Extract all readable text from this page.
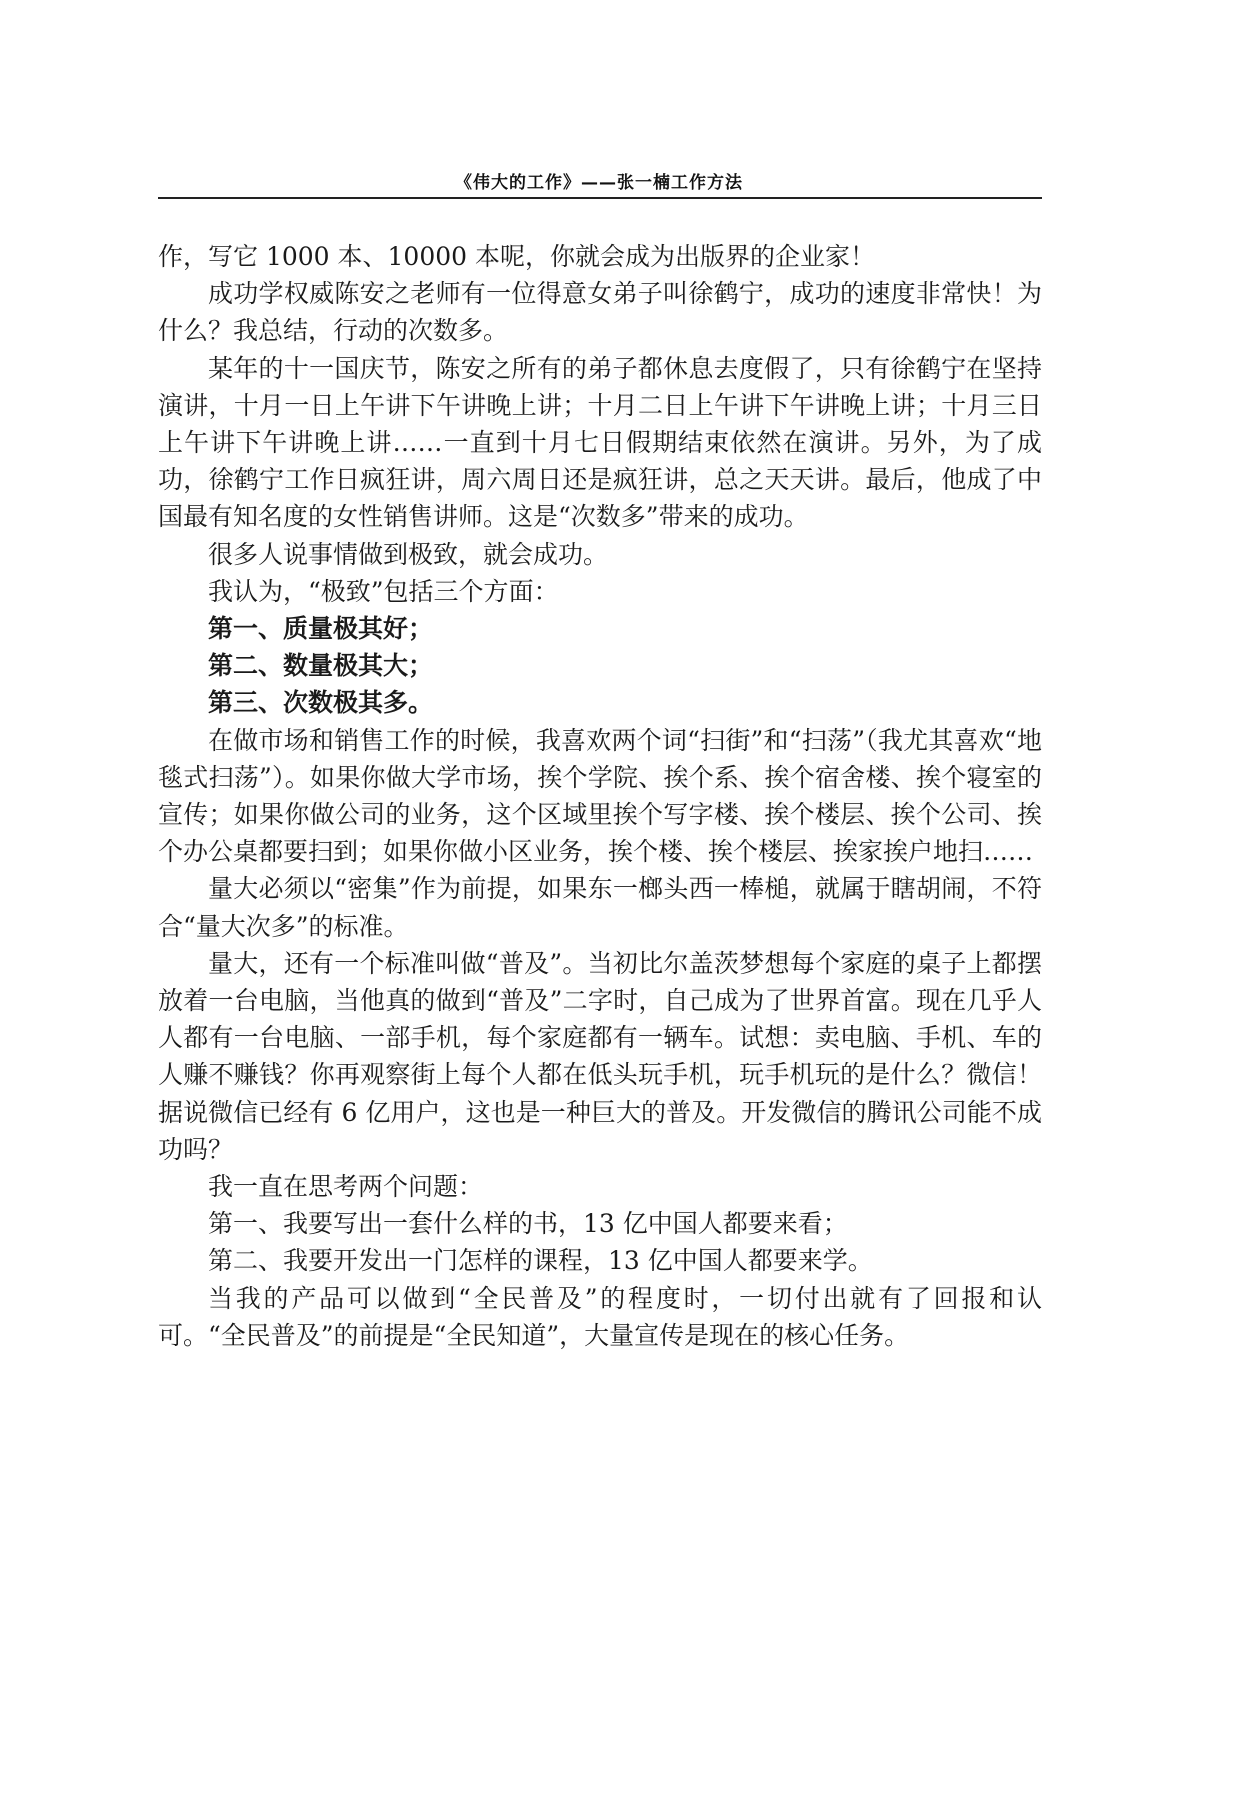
《伟大的工作》——张一楠工作方法

作，写它 1000 本、10000 本呢，你就会成为出版界的企业家！

成功学权威陈安之老师有一位得意女弟子叫徐鹤宁，成功的速度非常快！为什么？我总结，行动的次数多。

某年的十一国庆节，陈安之所有的弟子都休息去度假了，只有徐鹤宁在坚持演讲，十月一日上午讲下午讲晚上讲；十月二日上午讲下午讲晚上讲；十月三日上午讲下午讲晚上讲……一直到十月七日假期结束依然在演讲。另外，为了成功，徐鹤宁工作日疯狂讲，周六周日还是疯狂讲，总之天天讲。最后，他成了中国最有知名度的女性销售讲师。这是“次数多”带来的成功。

很多人说事情做到极致，就会成功。

我认为，“极致”包括三个方面：

第一、质量极其好；

第二、数量极其大；

第三、次数极其多。

在做市场和销售工作的时候，我喜欢两个词“扫街”和“扫荡”（我尤其喜欢“地毯式扫荡”）。如果你做大学市场，挨个学院、挨个系、挨个宿舍楼、挨个寝室的宣传；如果你做公司的业务，这个区域里挨个写字楼、挨个楼层、挨个公司、挨个办公桌都要扫到；如果你做小区业务，挨个楼、挨个楼层、挨家挨户地扫……

量大必须以“密集”作为前提，如果东一榔头西一棒槌，就属于瞎胡闹，不符合“量大次多”的标准。

量大，还有一个标准叫做“普及”。当初比尔盖茨梦想每个家庭的桌子上都摆放着一台电脑，当他真的做到“普及”二字时，自己成为了世界首富。现在几乎人人都有一台电脑、一部手机，每个家庭都有一辆车。试想：卖电脑、手机、车的人赚不赚钱？你再观察街上每个人都在低头玩手机，玩手机玩的是什么？微信！据说微信已经有 6 亿用户，这也是一种巨大的普及。开发微信的腾讯公司能不成功吗？

我一直在思考两个问题：

第一、我要写出一套什么样的书，13 亿中国人都要来看；

第二、我要开发出一门怎样的课程，13 亿中国人都要来学。

当我的产品可以做到“全民普及”的程度时，一切付出就有了回报和认可。“全民普及”的前提是“全民知道”，大量宣传是现在的核心任务。
